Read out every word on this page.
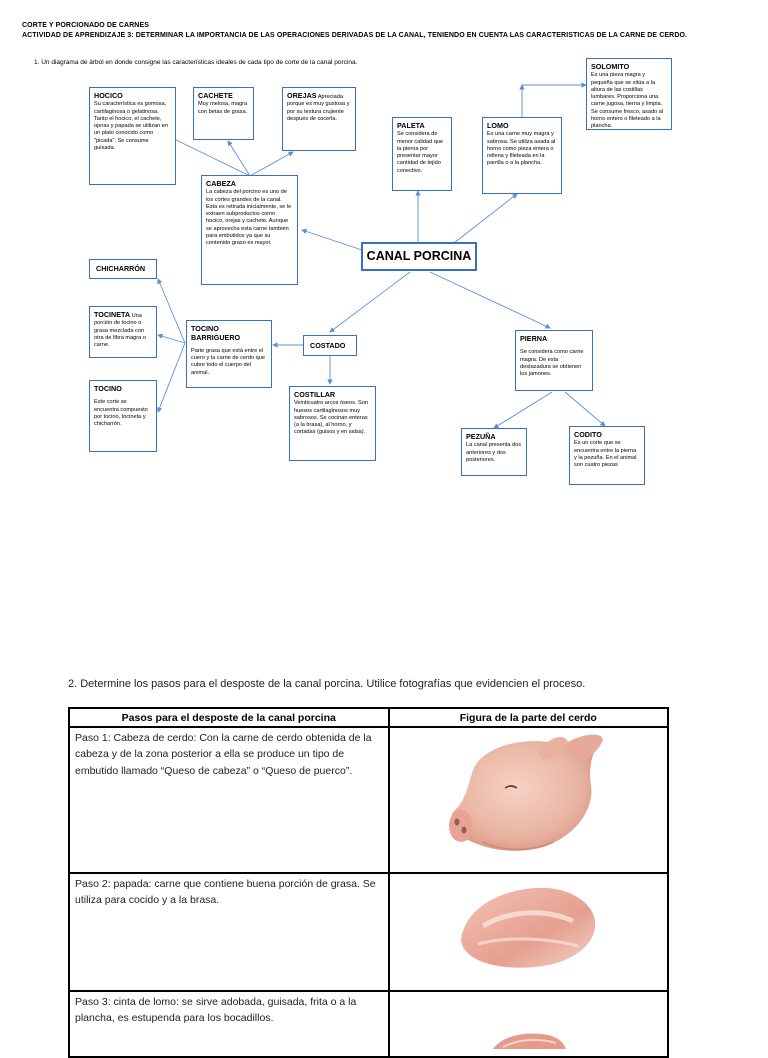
CORTE Y PORCIONADO DE CARNES
ACTIVIDAD DE APRENDIZAJE 3: DETERMINAR LA IMPORTANCIA DE LAS OPERACIONES DERIVADAS DE LA CANAL, TENIENDO EN CUENTA LAS CARACTERISTICAS DE LA CARNE DE CERDO.
1. Un diagrama de árbol en donde consigne las características ideales de cada tipo de corte de la canal porcina.
HOCICO
Su característica es gomosa, cartilaginosa o gelatinosa. Tanto el hocico, el cachete, ojeras y papada se utilizan en un plato conocido como "picada". Se consume guisada.
CACHETE
Muy melosa, magra con betas de grasa.
OREJAS Apreciada porque es muy gustosa y por su textura crujiente después de cocerla.
CABEZA
La cabeza del porcino es uno de los cortes grandes de la canal. Esta es retirada inicialmente, se le extraen subproductos como hocico, orejas y cachete. Aunque se aprovecha esta carne también para embutidos ya que su contenido graso es mayor.
PALETA
Se considera de menor calidad que la pierna por presentar mayor cantidad de tejido conectivo.
LOMO
Es una carne muy magra y sabrosa. Se utiliza asada al horno como pieza entera o rellena y fileteada en la parrilla o a la plancha.
SOLOMITO
Es una pieza magra y pequeña que se sitúa a la altura de las costillas lumbares. Proporciona una carne jugosa, tierna y limpia. Se consume fresco, asado al horno entero o fileteado a la plancha.
CANAL PORCINA
CHICHARRÓN
TOCINETA Una porción de tocino o grasa mezclada con otra de fibra magra o carne.
TOCINO
Este corte se encuentra compuesto por tocino, tocineta y chicharrón.
TOCINO BARRIGUERO
Parte grasa que está entre el cuero y la carne de cerdo que cubre todo el cuerpo del animal.
COSTADO
COSTILLAR
Veinticuatro arcos óseos. Son huesos cartilaginosos muy sabrosos. Se cocinan enteras (a la brasa), al horno, y cortadas (guisos y en salsa).
PIERNA
Se considera como carne magra. De esta destazadura se obtienen los jamones.
PEZUÑA
La canal presenta dos anteriores y dos posteriores.
CODITO
Es un corte que se encuentra entre la pierna y la pezuña. En el animal son cuatro piezas
2. Determine los pasos para el desposte de la canal porcina. Utilice fotografías que evidencien el proceso.
Pasos para el desposte de la canal porcina	Figura de la parte del cerdo
Paso 1: Cabeza de cerdo: Con la carne de cerdo obtenida de la cabeza y de la zona posterior a ella se produce un tipo de embutido llamado “Queso de cabeza” o “Queso de puerco”.	
Paso 2: papada: carne que contiene buena porción de grasa. Se utiliza para cocido y a la brasa.	
Paso 3: cinta de lomo: se sirve adobada, guisada, frita o a la plancha, es estupenda para los bocadillos.	
